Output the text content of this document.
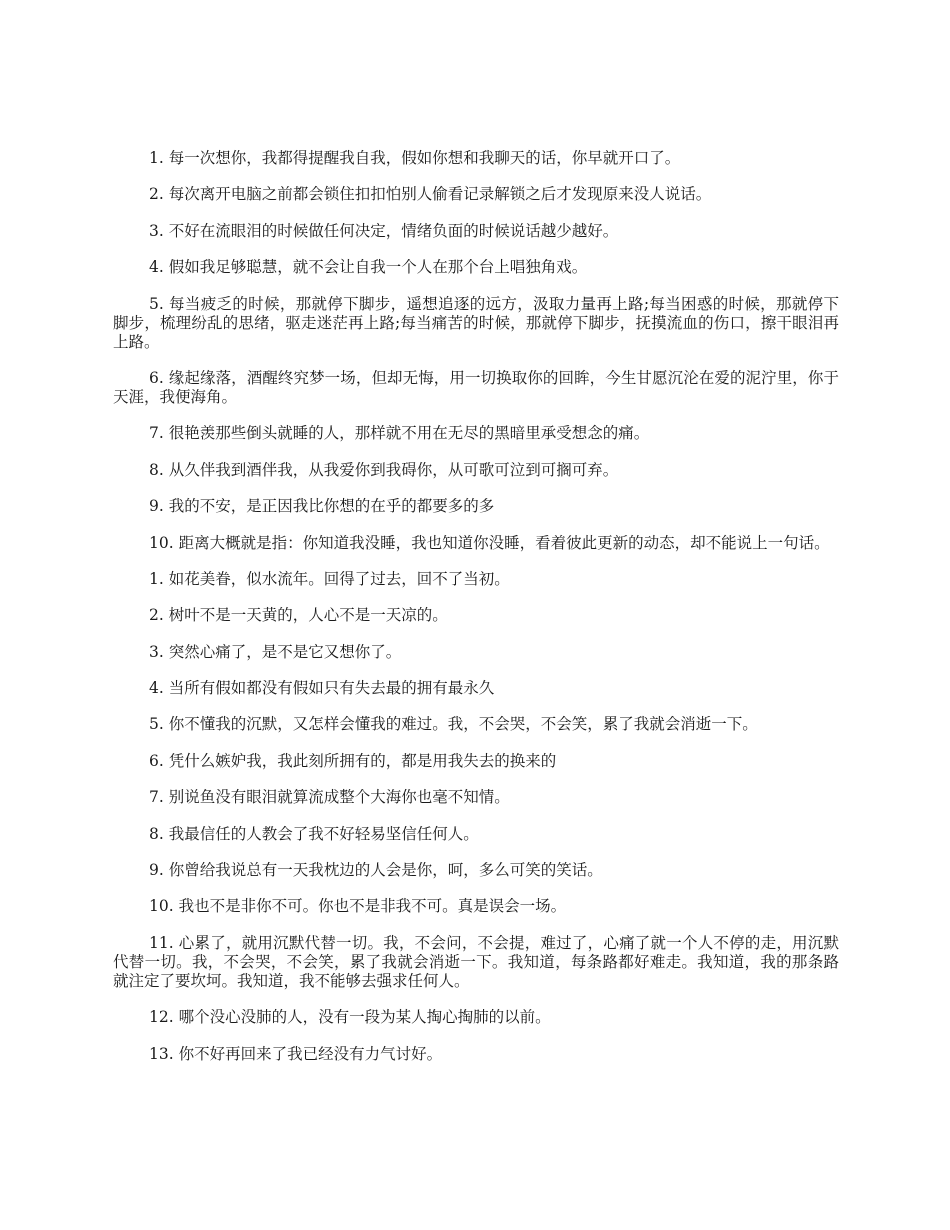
1. 每一次想你，我都得提醒我自我，假如你想和我聊天的话，你早就开口了。

2. 每次离开电脑之前都会锁住扣扣怕别人偷看记录解锁之后才发现原来没人说话。

3. 不好在流眼泪的时候做任何决定，情绪负面的时候说话越少越好。

4. 假如我足够聪慧，就不会让自我一个人在那个台上唱独角戏。

5. 每当疲乏的时候，那就停下脚步，遥想追逐的远方，汲取力量再上路;每当困惑的时候，那就停下脚步，梳理纷乱的思绪，驱走迷茫再上路;每当痛苦的时候，那就停下脚步，抚摸流血的伤口，擦干眼泪再上路。

6. 缘起缘落，酒醒终究梦一场，但却无悔，用一切换取你的回眸，今生甘愿沉沦在爱的泥泞里，你于天涯，我便海角。

7. 很艳羡那些倒头就睡的人，那样就不用在无尽的黑暗里承受想念的痛。

8. 从久伴我到酒伴我，从我爱你到我碍你，从可歌可泣到可搁可弃。

9. 我的不安，是正因我比你想的在乎的都要多的多

10. 距离大概就是指：你知道我没睡，我也知道你没睡，看着彼此更新的动态，却不能说上一句话。

1. 如花美眷，似水流年。回得了过去，回不了当初。

2. 树叶不是一天黄的，人心不是一天凉的。

3. 突然心痛了，是不是它又想你了。

4. 当所有假如都没有假如只有失去最的拥有最永久

5. 你不懂我的沉默，又怎样会懂我的难过。我，不会哭，不会笑，累了我就会消逝一下。

6. 凭什么嫉妒我，我此刻所拥有的，都是用我失去的换来的

7. 别说鱼没有眼泪就算流成整个大海你也毫不知情。

8. 我最信任的人教会了我不好轻易坚信任何人。

9. 你曾给我说总有一天我枕边的人会是你，呵，多么可笑的笑话。

10. 我也不是非你不可。你也不是非我不可。真是误会一场。

11. 心累了，就用沉默代替一切。我，不会问，不会提，难过了，心痛了就一个人不停的走，用沉默代替一切。我，不会哭，不会笑，累了我就会消逝一下。我知道，每条路都好难走。我知道，我的那条路就注定了要坎坷。我知道，我不能够去强求任何人。

12. 哪个没心没肺的人，没有一段为某人掏心掏肺的以前。

13. 你不好再回来了我已经没有力气讨好。
